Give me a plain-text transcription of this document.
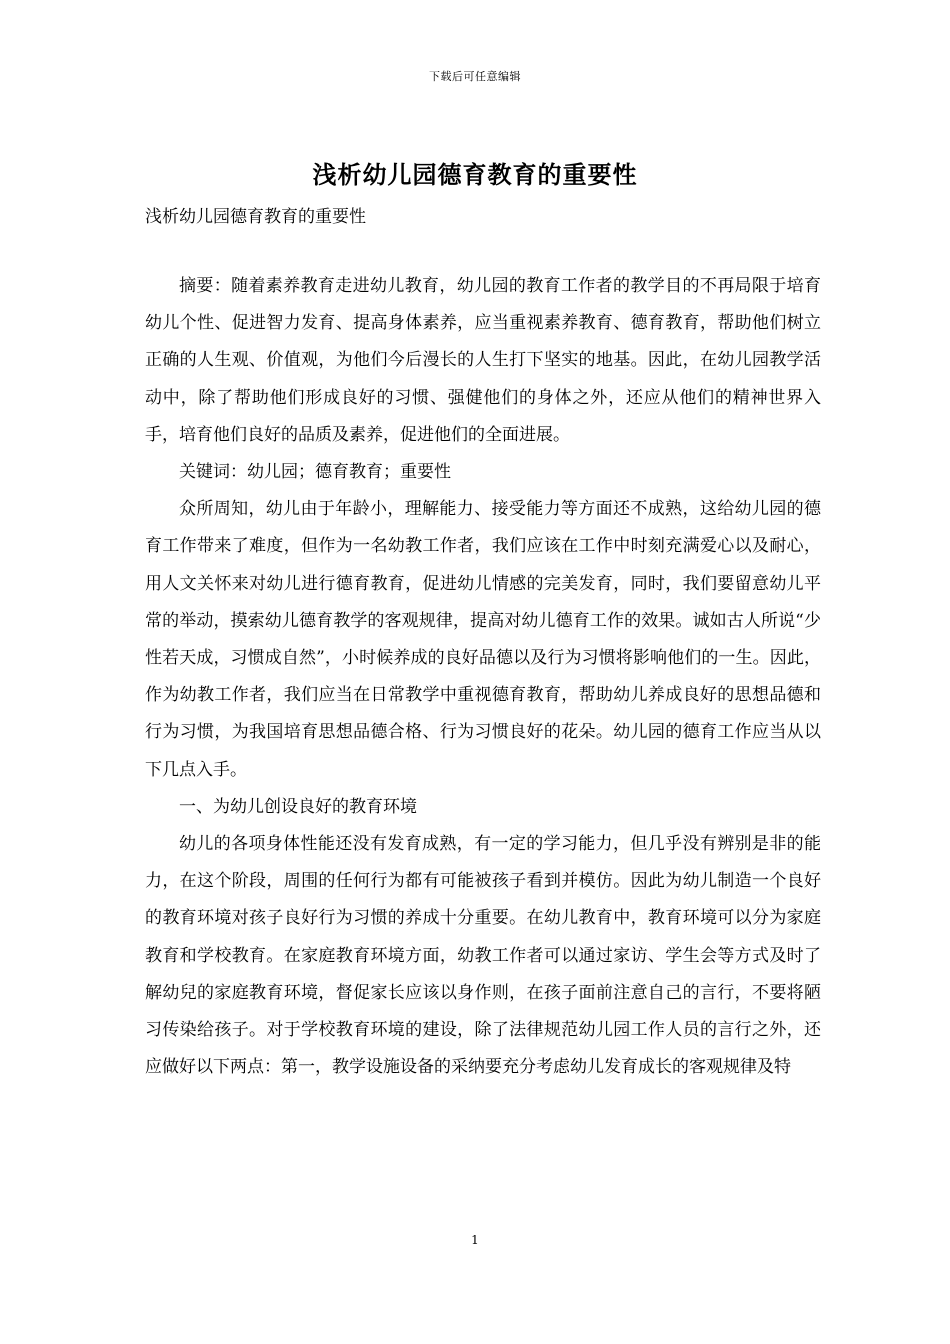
下载后可任意编辑
浅析幼儿园德育教育的重要性
浅析幼儿园德育教育的重要性

摘要：随着素养教育走进幼儿教育，幼儿园的教育工作者的教学目的不再局限于培育幼儿个性、促进智力发育、提高身体素养，应当重视素养教育、德育教育，帮助他们树立正确的人生观、价值观，为他们今后漫长的人生打下坚实的地基。因此，在幼儿园教学活动中，除了帮助他们形成良好的习惯、强健他们的身体之外，还应从他们的精神世界入手，培育他们良好的品质及素养，促进他们的全面进展。

关键词：幼儿园；德育教育；重要性

众所周知，幼儿由于年龄小，理解能力、接受能力等方面还不成熟，这给幼儿园的德育工作带来了难度，但作为一名幼教工作者，我们应该在工作中时刻充满爱心以及耐心，用人文关怀来对幼儿进行德育教育，促进幼儿情感的完美发育，同时，我们要留意幼儿平常的举动，摸索幼儿德育教学的客观规律，提高对幼儿德育工作的效果。诚如古人所说“少性若天成，习惯成自然”，小时候养成的良好品德以及行为习惯将影响他们的一生。因此，作为幼教工作者，我们应当在日常教学中重视德育教育，帮助幼儿养成良好的思想品德和行为习惯，为我国培育思想品德合格、行为习惯良好的花朵。幼儿园的德育工作应当从以下几点入手。

一、为幼儿创设良好的教育环境

幼儿的各项身体性能还没有发育成熟，有一定的学习能力，但几乎没有辨别是非的能力，在这个阶段，周围的任何行为都有可能被孩子看到并模仿。因此为幼儿制造一个良好的教育环境对孩子良好行为习惯的养成十分重要。在幼儿教育中，教育环境可以分为家庭教育和学校教育。在家庭教育环境方面，幼教工作者可以通过家访、学生会等方式及时了解幼兒的家庭教育环境，督促家长应该以身作则，在孩子面前注意自己的言行，不要将陋习传染给孩子。对于学校教育环境的建设，除了法律规范幼儿园工作人员的言行之外，还应做好以下两点：第一，教学设施设备的采纳要充分考虑幼儿发育成长的客观规律及特

1
